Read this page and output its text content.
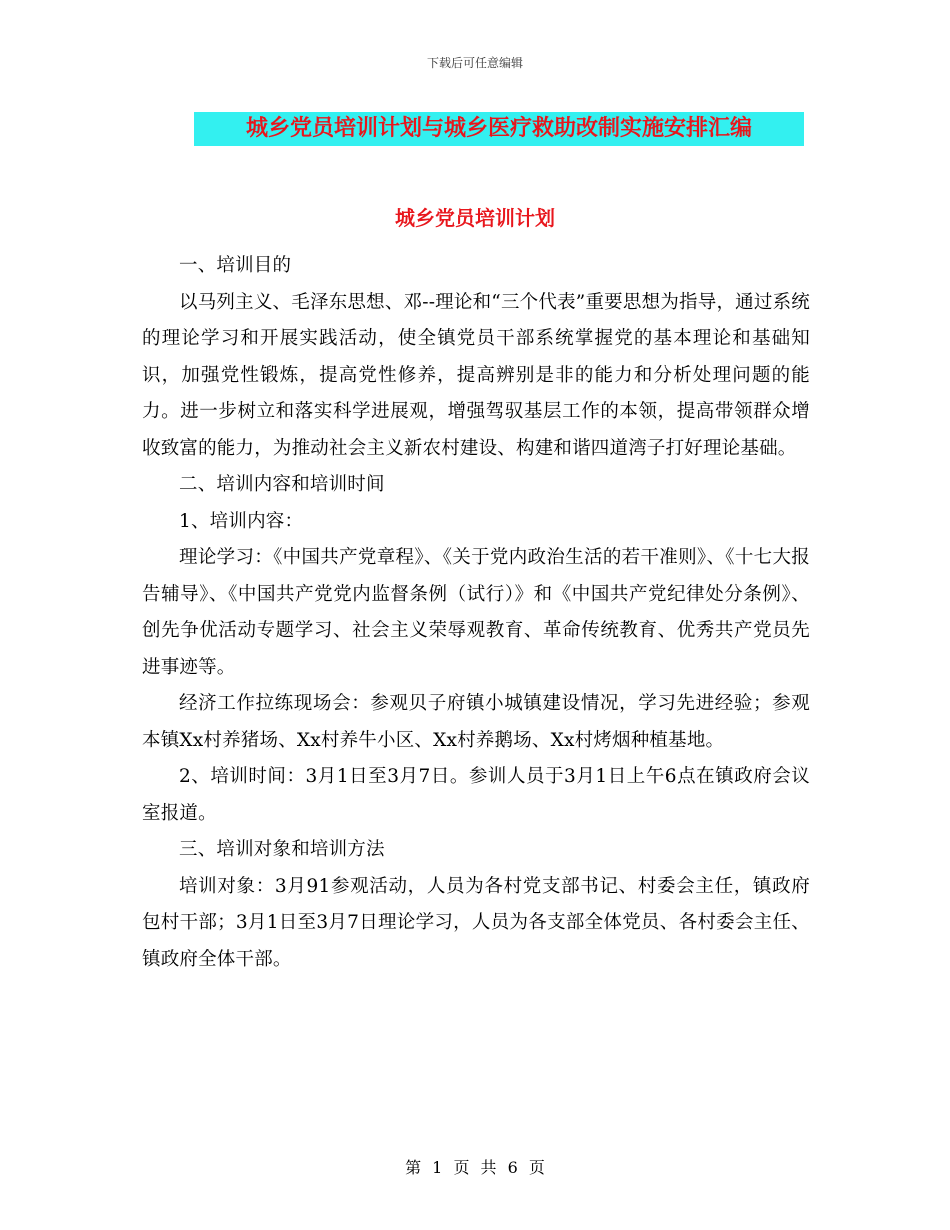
下载后可任意编辑
城乡党员培训计划与城乡医疗救助改制实施安排汇编
城乡党员培训计划

一、培训目的

以马列主义、毛泽东思想、邓--理论和“三个代表”重要思想为指导，通过系统的理论学习和开展实践活动，使全镇党员干部系统掌握党的基本理论和基础知识，加强党性锻炼，提高党性修养，提高辨别是非的能力和分析处理问题的能力。进一步树立和落实科学进展观，增强驾驭基层工作的本领，提高带领群众增收致富的能力，为推动社会主义新农村建设、构建和谐四道湾子打好理论基础。

二、培训内容和培训时间

1、培训内容：

理论学习：《中国共产党章程》、《关于党内政治生活的若干准则》、《十七大报告辅导》、《中国共产党党内监督条例（试行）》和《中国共产党纪律处分条例》、创先争优活动专题学习、社会主义荣辱观教育、革命传统教育、优秀共产党员先进事迹等。

经济工作拉练现场会：参观贝子府镇小城镇建设情况，学习先进经验；参观本镇Xx村养猪场、Xx村养牛小区、Xx村养鹅场、Xx村烤烟种植基地。

2、培训时间：3月1日至3月7日。参训人员于3月1日上午6点在镇政府会议室报道。

三、培训对象和培训方法

培训对象：3月91参观活动，人员为各村党支部书记、村委会主任，镇政府包村干部；3月1日至3月7日理论学习，人员为各支部全体党员、各村委会主任、镇政府全体干部。

第 1 页 共 6 页
